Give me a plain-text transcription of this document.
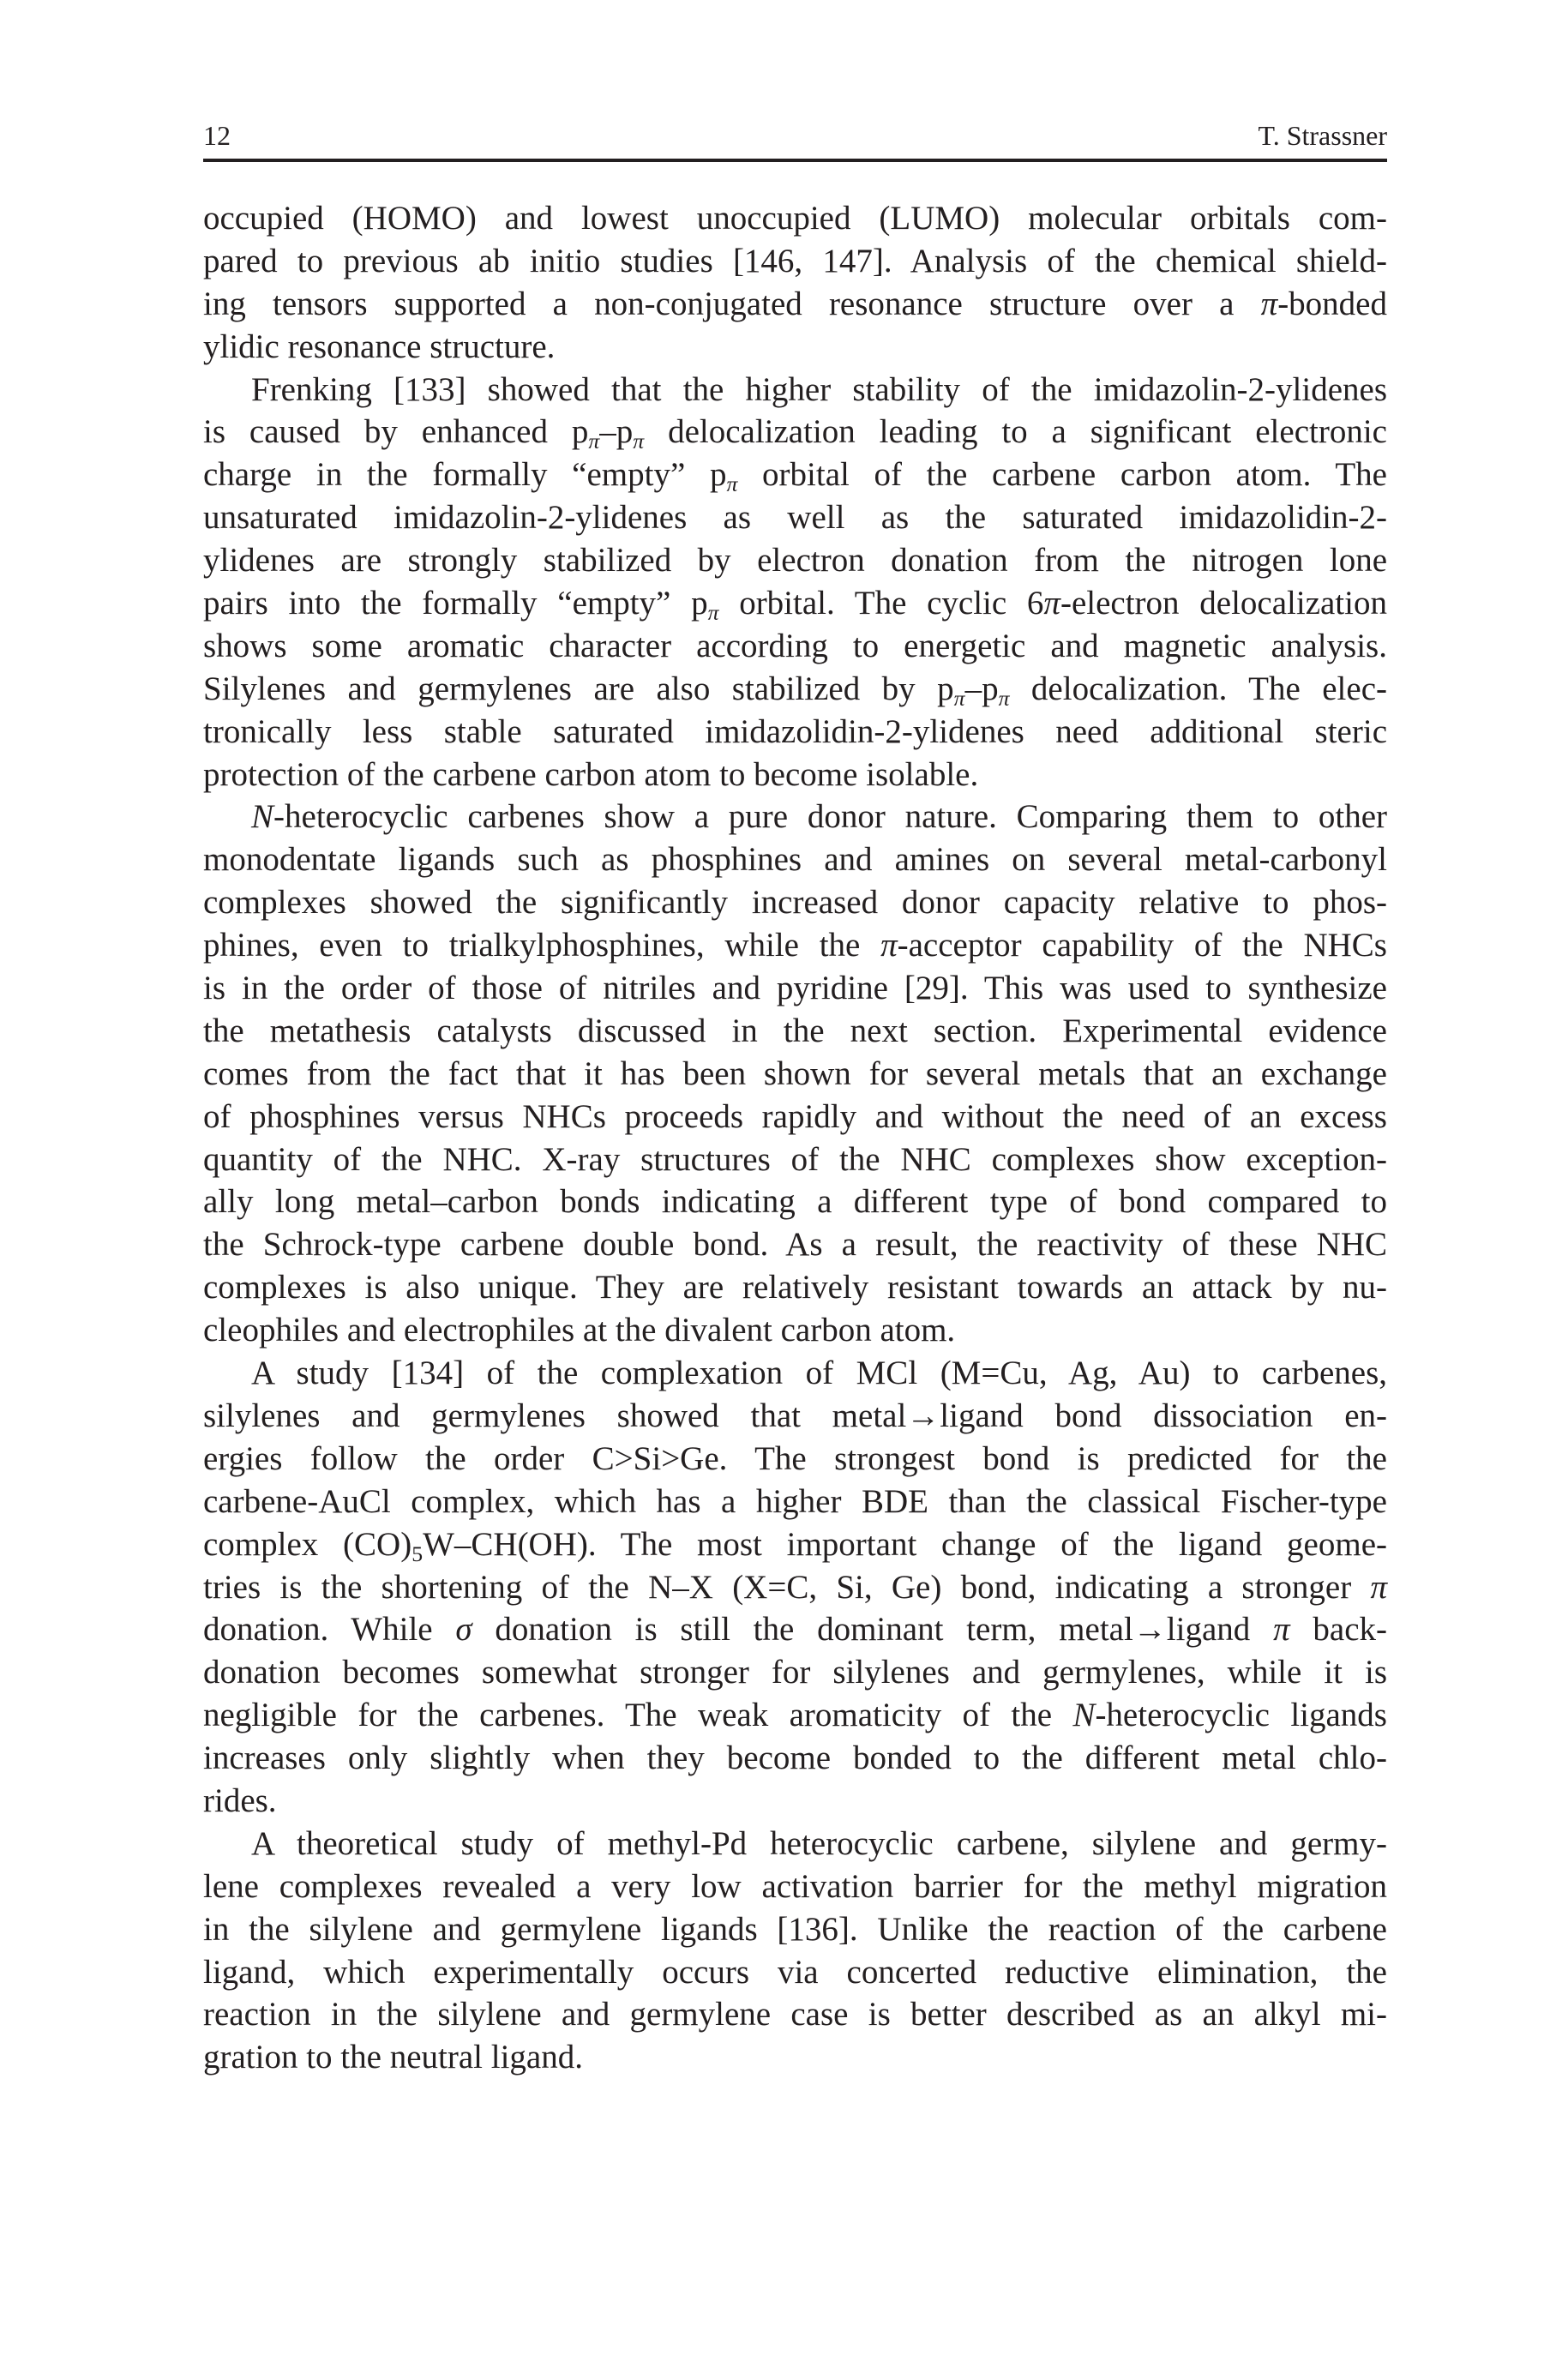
12	T. Strassner
occupied (HOMO) and lowest unoccupied (LUMO) molecular orbitals com-
pared to previous ab initio studies [146, 147]. Analysis of the chemical shield-
ing tensors supported a non-conjugated resonance structure over a π-bonded
ylidic resonance structure.
Frenking [133] showed that the higher stability of the imidazolin-2-ylidenes
is caused by enhanced $p_\pi-p_\pi$ delocalization leading to a significant electronic
charge in the formally “empty” $p_\pi$ orbital of the carbene carbon atom. The
unsaturated imidazolin-2-ylidenes as well as the saturated imidazolidin-2-
ylidenes are strongly stabilized by electron donation from the nitrogen lone
pairs into the formally “empty” $p_\pi$ orbital. The cyclic 6π-electron delocalization
shows some aromatic character according to energetic and magnetic analysis.
Silylenes and germylenes are also stabilized by $p_\pi-p_\pi$ delocalization. The elec-
tronically less stable saturated imidazolidin-2-ylidenes need additional steric
protection of the carbene carbon atom to become isolable.
N-heterocyclic carbenes show a pure donor nature. Comparing them to other
monodentate ligands such as phosphines and amines on several metal-carbonyl
complexes showed the significantly increased donor capacity relative to phos-
phines, even to trialkylphosphines, while the π-acceptor capability of the NHCs
is in the order of those of nitriles and pyridine [29]. This was used to synthesize
the metathesis catalysts discussed in the next section. Experimental evidence
comes from the fact that it has been shown for several metals that an exchange
of phosphines versus NHCs proceeds rapidly and without the need of an excess
quantity of the NHC. X-ray structures of the NHC complexes show exception-
ally long metal–carbon bonds indicating a different type of bond compared to
the Schrock-type carbene double bond. As a result, the reactivity of these NHC
complexes is also unique. They are relatively resistant towards an attack by nu-
cleophiles and electrophiles at the divalent carbon atom.
A study [134] of the complexation of MCl (M=Cu, Ag, Au) to carbenes,
silylenes and germylenes showed that metal→ligand bond dissociation en-
ergies follow the order C>Si>Ge. The strongest bond is predicted for the
carbene-AuCl complex, which has a higher BDE than the classical Fischer-type
complex $(CO)_5W-CH(OH)$. The most important change of the ligand geome-
tries is the shortening of the N–X (X=C, Si, Ge) bond, indicating a stronger π
donation. While σ donation is still the dominant term, metal→ligand π back-
donation becomes somewhat stronger for silylenes and germylenes, while it is
negligible for the carbenes. The weak aromaticity of the N-heterocyclic ligands
increases only slightly when they become bonded to the different metal chlo-
rides.
A theoretical study of methyl-Pd heterocyclic carbene, silylene and germy-
lene complexes revealed a very low activation barrier for the methyl migration
in the silylene and germylene ligands [136]. Unlike the reaction of the carbene
ligand, which experimentally occurs via concerted reductive elimination, the
reaction in the silylene and germylene case is better described as an alkyl mi-
gration to the neutral ligand.
